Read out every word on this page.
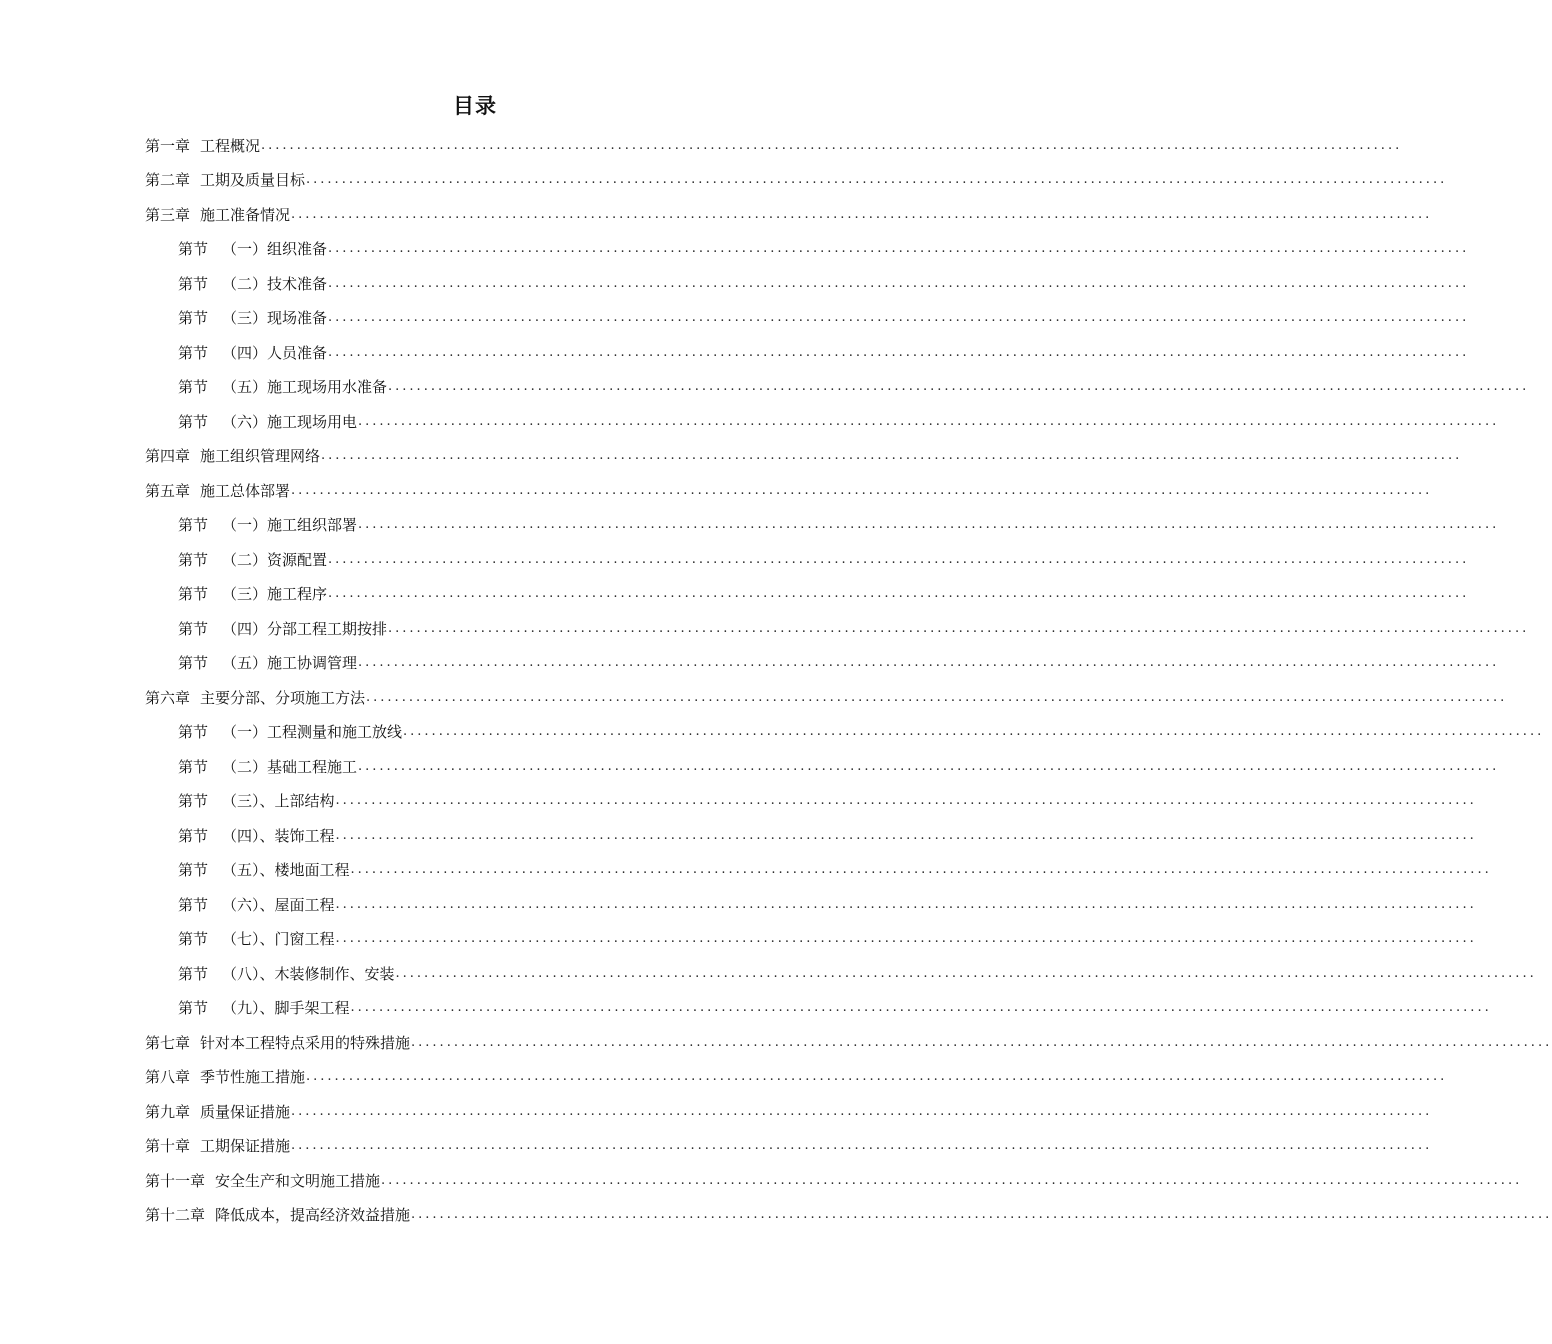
目录
第一章 工程概况 ................................................................................................................................................................
第二章 工期及质量目标 ................................................................................................................................................................
第三章 施工准备情况 ................................................................................................................................................................
第节 （一）组织准备 ................................................................................................................................................................
第节 （二）技术准备 ................................................................................................................................................................
第节 （三）现场准备 ................................................................................................................................................................
第节 （四）人员准备 ................................................................................................................................................................
第节 （五）施工现场用水准备 ................................................................................................................................................................
第节 （六）施工现场用电 ................................................................................................................................................................
第四章 施工组织管理网络 ................................................................................................................................................................
第五章 施工总体部署 ................................................................................................................................................................
第节 （一）施工组织部署 ................................................................................................................................................................
第节 （二）资源配置 ................................................................................................................................................................
第节 （三）施工程序 ................................................................................................................................................................
第节 （四）分部工程工期按排 ................................................................................................................................................................
第节 （五）施工协调管理 ................................................................................................................................................................
第六章 主要分部、分项施工方法 ................................................................................................................................................................
第节 （一）工程测量和施工放线 ................................................................................................................................................................
第节 （二）基础工程施工 ................................................................................................................................................................
第节 （三）、上部结构 ................................................................................................................................................................
第节 （四）、装饰工程 ................................................................................................................................................................
第节 （五）、楼地面工程 ................................................................................................................................................................
第节 （六）、屋面工程 ................................................................................................................................................................
第节 （七）、门窗工程 ................................................................................................................................................................
第节 （八）、木装修制作、安装 ................................................................................................................................................................
第节 （九）、脚手架工程 ................................................................................................................................................................
第七章 针对本工程特点采用的特殊措施 ................................................................................................................................................................
第八章 季节性施工措施 ................................................................................................................................................................
第九章 质量保证措施 ................................................................................................................................................................
第十章 工期保证措施 ................................................................................................................................................................
第十一章 安全生产和文明施工措施 ................................................................................................................................................................
第十二章 降低成本，提高经济效益措施 ................................................................................................................................................................
